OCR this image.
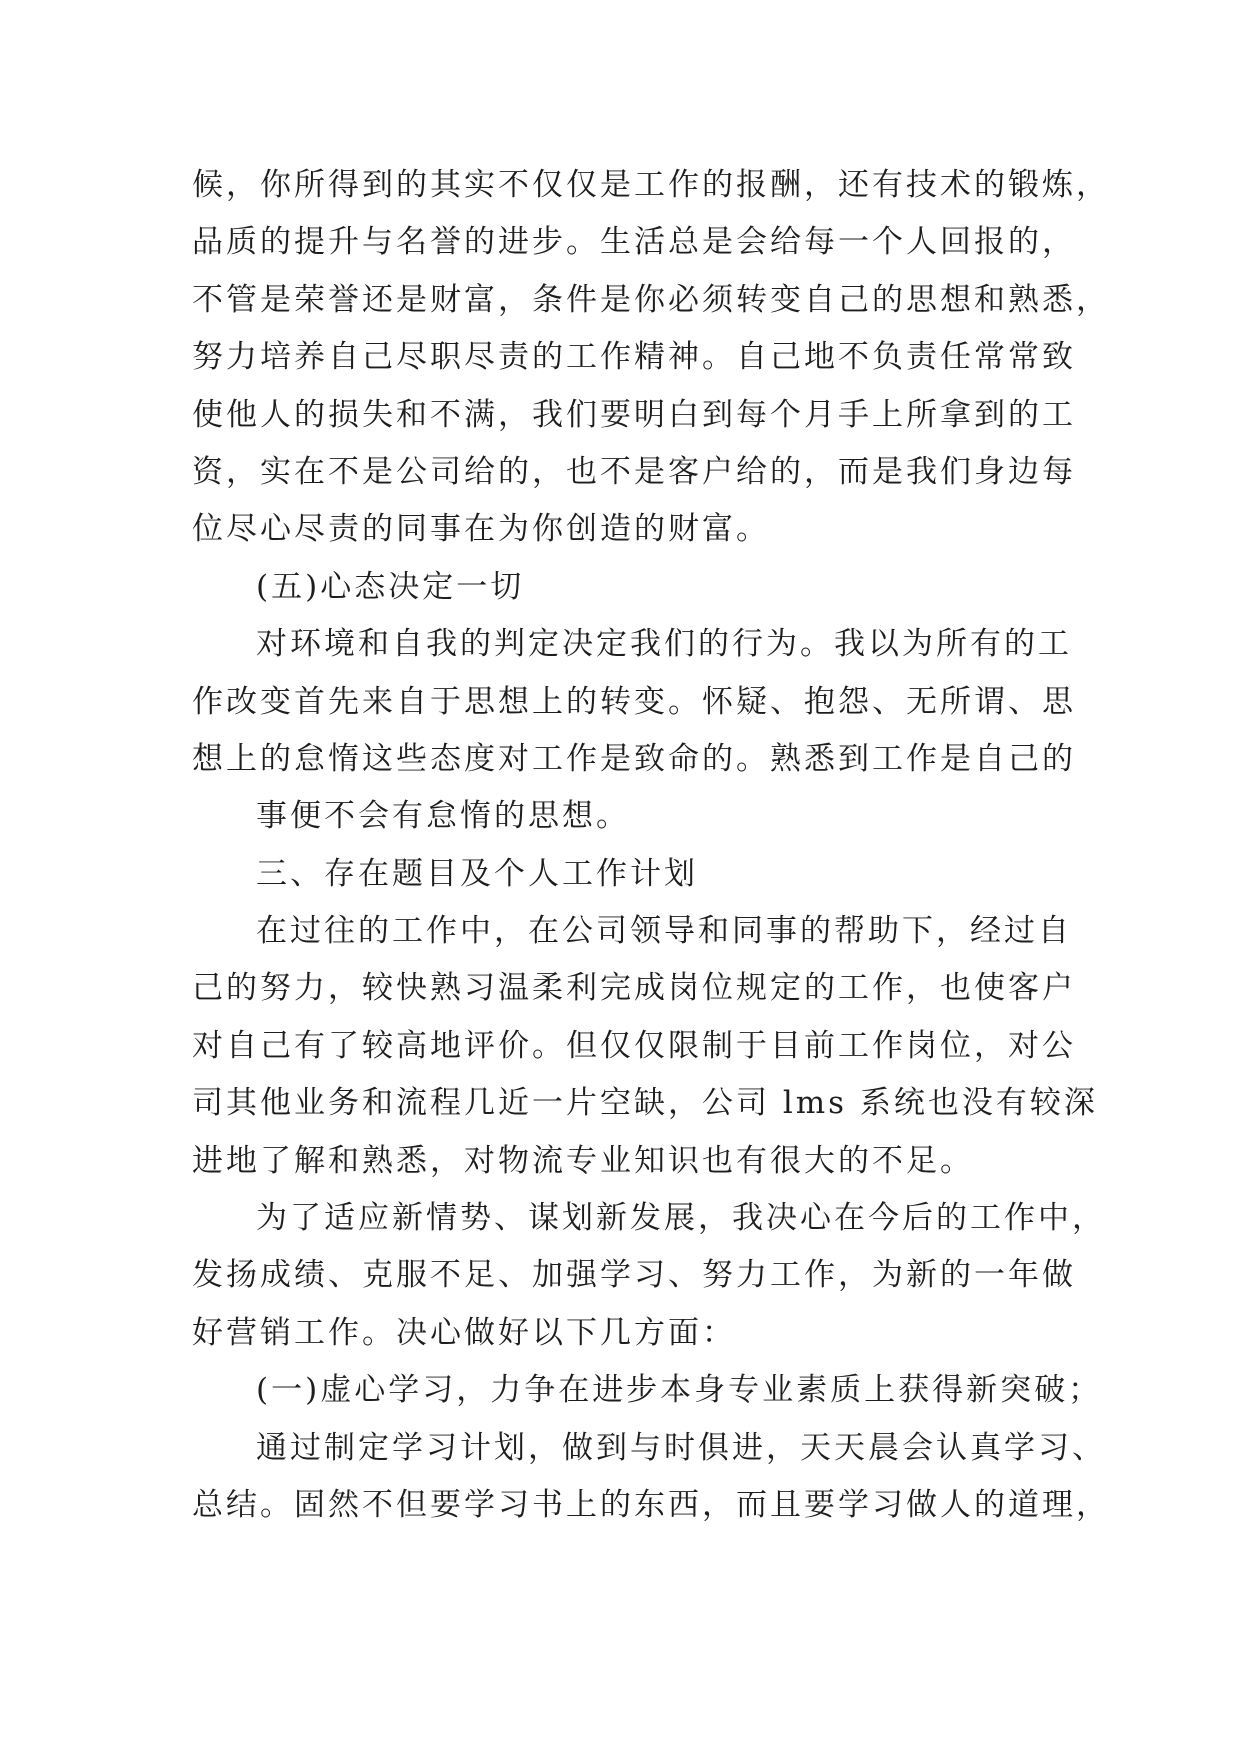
候，你所得到的其实不仅仅是工作的报酬，还有技术的锻炼，
品质的提升与名誉的进步。生活总是会给每一个人回报的，
不管是荣誉还是财富，条件是你必须转变自己的思想和熟悉，
努力培养自己尽职尽责的工作精神。自己地不负责任常常致
使他人的损失和不满，我们要明白到每个月手上所拿到的工
资，实在不是公司给的，也不是客户给的，而是我们身边每
位尽心尽责的同事在为你创造的财富。
(五)心态决定一切
对环境和自我的判定决定我们的行为。我以为所有的工
作改变首先来自于思想上的转变。怀疑、抱怨、无所谓、思
想上的怠惰这些态度对工作是致命的。熟悉到工作是自己的
事便不会有怠惰的思想。
三、存在题目及个人工作计划
在过往的工作中，在公司领导和同事的帮助下，经过自
己的努力，较快熟习温柔利完成岗位规定的工作，也使客户
对自己有了较高地评价。但仅仅限制于目前工作岗位，对公
司其他业务和流程几近一片空缺，公司 lms 系统也没有较深
进地了解和熟悉，对物流专业知识也有很大的不足。
为了适应新情势、谋划新发展，我决心在今后的工作中，
发扬成绩、克服不足、加强学习、努力工作，为新的一年做
好营销工作。决心做好以下几方面：
(一)虚心学习，力争在进步本身专业素质上获得新突破；
通过制定学习计划，做到与时俱进，天天晨会认真学习、
总结。固然不但要学习书上的东西，而且要学习做人的道理，
